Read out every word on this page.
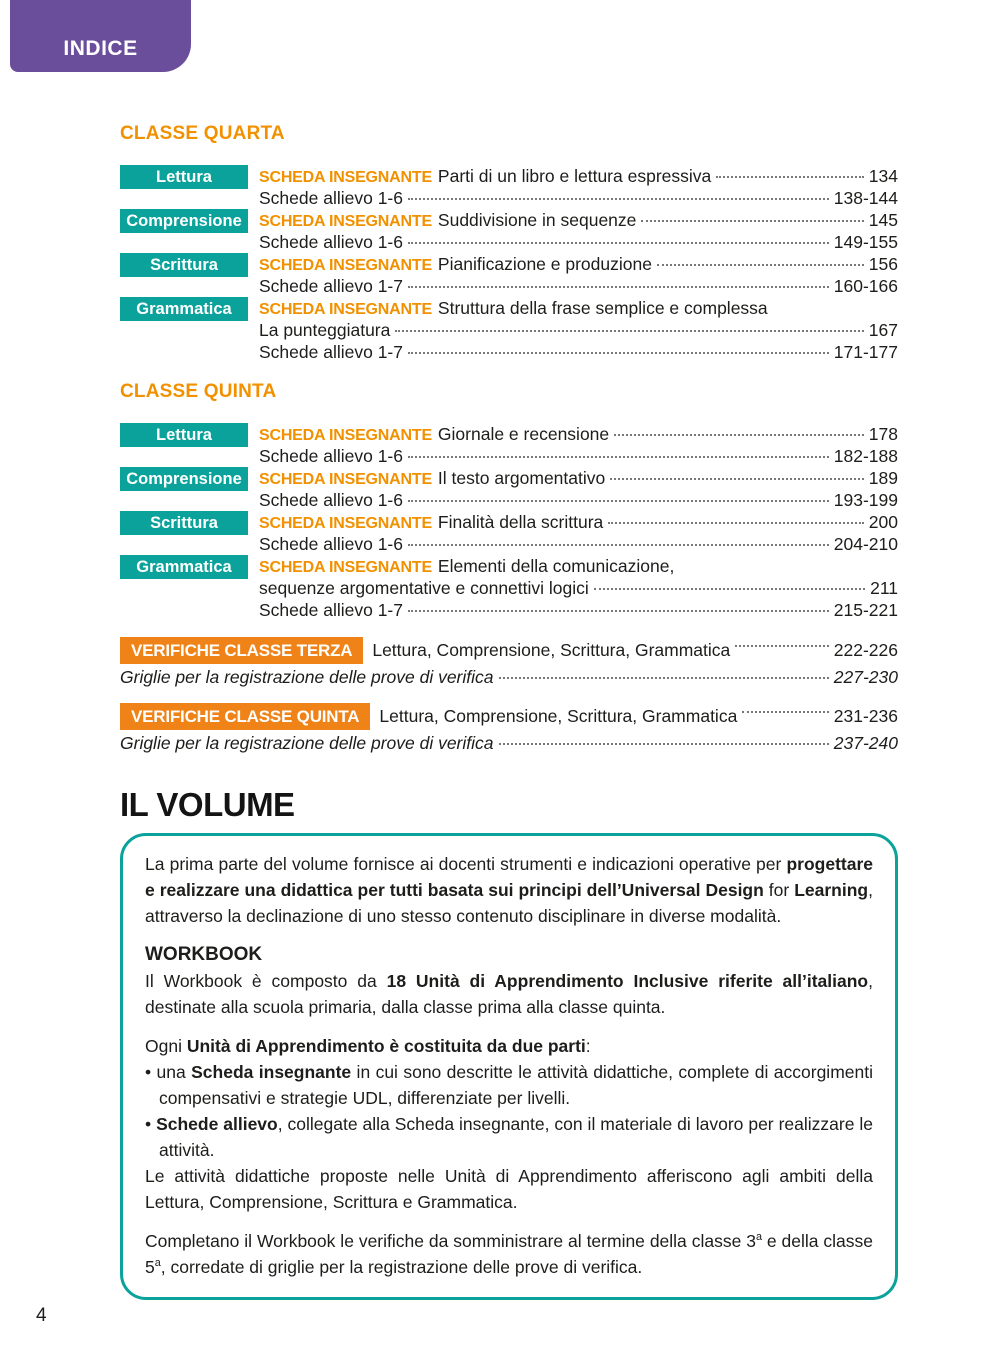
INDICE
CLASSE QUARTA
Lettura	SCHEDA INSEGNANTE Parti di un libro e lettura espressiva	134
Schede allievo 1-6	138-144
Comprensione	SCHEDA INSEGNANTE Suddivisione in sequenze	145
Schede allievo 1-6	149-155
Scrittura	SCHEDA INSEGNANTE Pianificazione e produzione	156
Schede allievo 1-7	160-166
Grammatica	SCHEDA INSEGNANTE Struttura della frase semplice e complessa
La punteggiatura	167
Schede allievo 1-7	171-177
CLASSE QUINTA
Lettura	SCHEDA INSEGNANTE Giornale e recensione	178
Schede allievo 1-6	182-188
Comprensione	SCHEDA INSEGNANTE Il testo argomentativo	189
Schede allievo 1-6	193-199
Scrittura	SCHEDA INSEGNANTE Finalità della scrittura	200
Schede allievo 1-6	204-210
Grammatica	SCHEDA INSEGNANTE Elementi della comunicazione,
sequenze argomentative e connettivi logici	211
Schede allievo 1-7	215-221
VERIFICHE CLASSE TERZA	Lettura, Comprensione, Scrittura, Grammatica	222-226
Griglie per la registrazione delle prove di verifica	227-230
VERIFICHE CLASSE QUINTA	Lettura, Comprensione, Scrittura, Grammatica	231-236
Griglie per la registrazione delle prove di verifica	237-240
IL VOLUME
La prima parte del volume fornisce ai docenti strumenti e indicazioni operative per progettare e realizzare una didattica per tutti basata sui principi dell’Universal Design for Learning, attraverso la declinazione di uno stesso contenuto disciplinare in diverse modalità.
WORKBOOK
Il Workbook è composto da 18 Unità di Apprendimento Inclusive riferite all’italiano, destinate alla scuola primaria, dalla classe prima alla classe quinta.
Ogni Unità di Apprendimento è costituita da due parti:
• una Scheda insegnante in cui sono descritte le attività didattiche, complete di accorgimenti compensativi e strategie UDL, differenziate per livelli.
• Schede allievo, collegate alla Scheda insegnante, con il materiale di lavoro per realizzare le attività.
Le attività didattiche proposte nelle Unità di Apprendimento afferiscono agli ambiti della Lettura, Comprensione, Scrittura e Grammatica.
Completano il Workbook le verifiche da somministrare al termine della classe 3$^a$ e della classe 5$^a$, corredate di griglie per la registrazione delle prove di verifica.
4
